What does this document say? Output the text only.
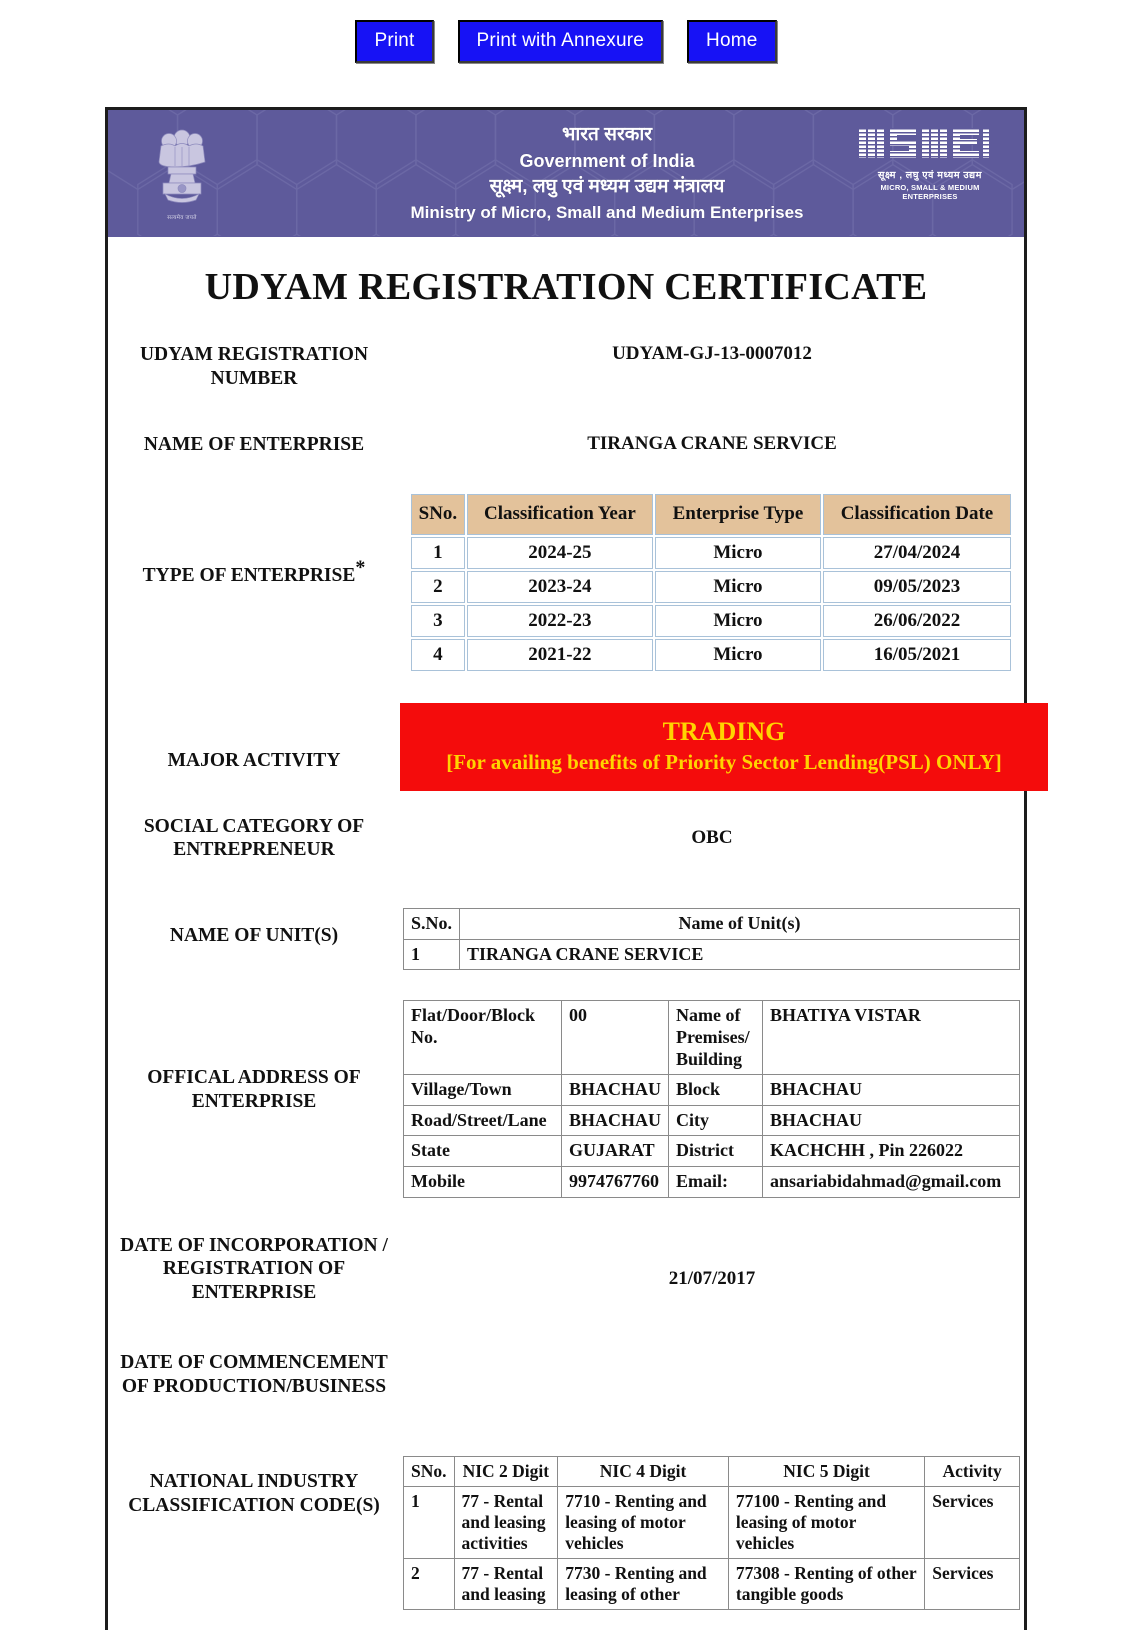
Print	Print with Annexure	Home
सत्यमेव जयते
भारत सरकार
Government of India
सूक्ष्म, लघु एवं मध्यम उद्यम मंत्रालय
Ministry of Micro, Small and Medium Enterprises
सूक्ष्म , लघु एवं मध्यम उद्यम
MICRO, SMALL & MEDIUM ENTERPRISES
UDYAM REGISTRATION CERTIFICATE
UDYAM REGISTRATION NUMBER
UDYAM-GJ-13-0007012
NAME OF ENTERPRISE	TIRANGA CRANE SERVICE
TYPE OF ENTERPRISE*
SNo.	Classification Year	Enterprise Type	Classification Date
1	2024-25	Micro	27/04/2024
2	2023-24	Micro	09/05/2023
3	2022-23	Micro	26/06/2022
4	2021-22	Micro	16/05/2021
MAJOR ACTIVITY
TRADING
[For availing benefits of Priority Sector Lending(PSL) ONLY]
SOCIAL CATEGORY OF ENTREPRENEUR
OBC
NAME OF UNIT(S)
S.No.	Name of Unit(s)
1	TIRANGA CRANE SERVICE
OFFICAL ADDRESS OF ENTERPRISE
Flat/Door/Block No.	00	Name of Premises/ Building	BHATIYA VISTAR
Village/Town	BHACHAU	Block	BHACHAU
Road/Street/Lane	BHACHAU	City	BHACHAU
State	GUJARAT	District	KACHCHH , Pin 226022
Mobile	9974767760	Email:	ansariabidahmad@gmail.com
DATE OF INCORPORATION / REGISTRATION OF ENTERPRISE
21/07/2017
DATE OF COMMENCEMENT OF PRODUCTION/BUSINESS
NATIONAL INDUSTRY CLASSIFICATION CODE(S)
SNo.	NIC 2 Digit	NIC 4 Digit	NIC 5 Digit	Activity
1	77 - Rental and leasing activities	7710 - Renting and leasing of motor vehicles	77100 - Renting and leasing of motor vehicles	Services
2	77 - Rental and leasing	7730 - Renting and leasing of other	77308 - Renting of other tangible goods	Services
